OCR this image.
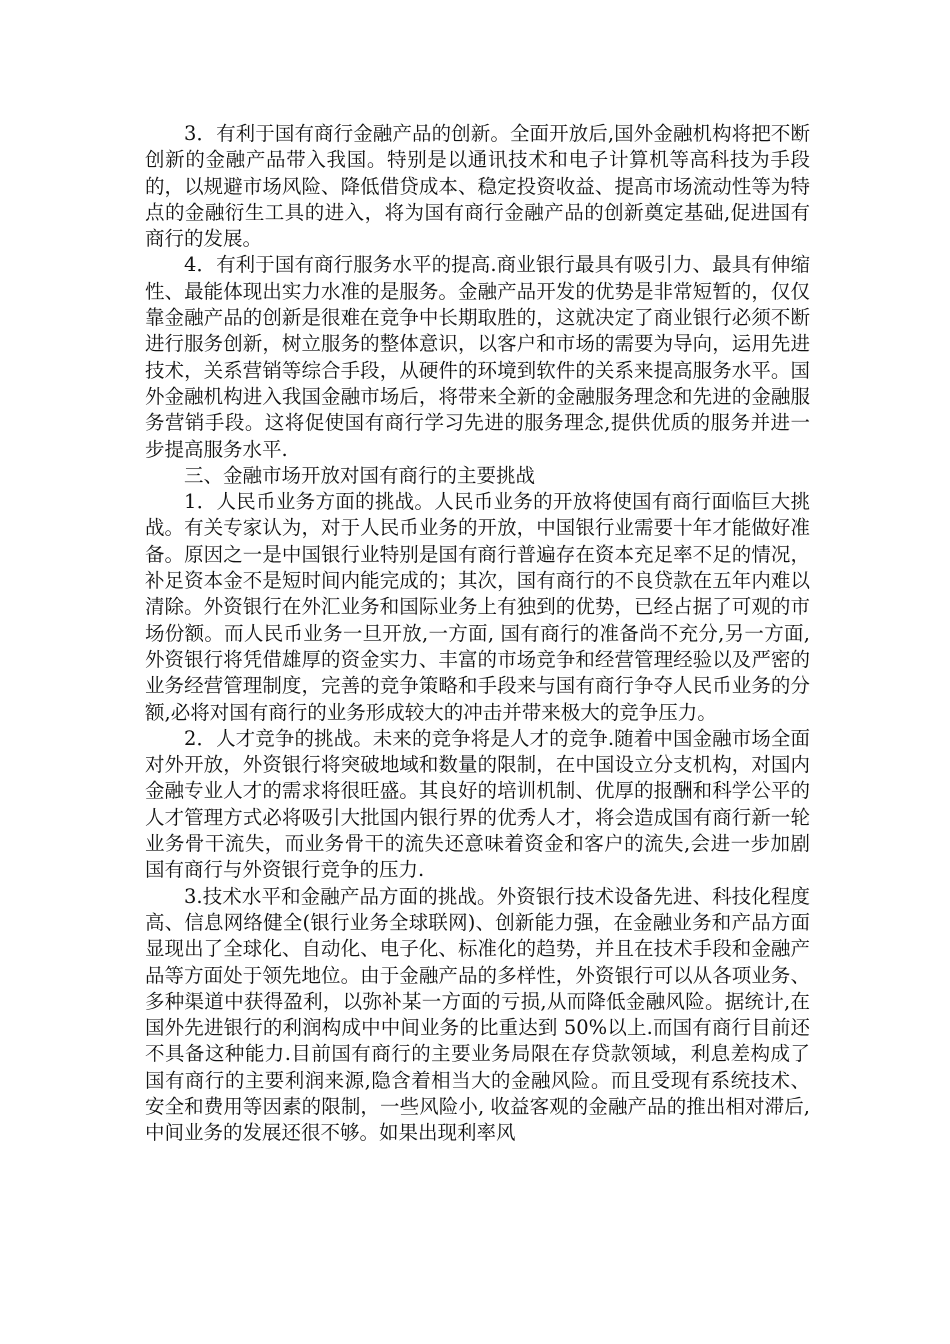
3．有利于国有商行金融产品的创新。全面开放后,国外金融机构将把不断创新的金融产品带入我国。特别是以通讯技术和电子计算机等高科技为手段的，以规避市场风险、降低借贷成本、稳定投资收益、提高市场流动性等为特点的金融衍生工具的进入，将为国有商行金融产品的创新奠定基础,促进国有商行的发展。

4．有利于国有商行服务水平的提高.商业银行最具有吸引力、最具有伸缩性、最能体现出实力水准的是服务。金融产品开发的优势是非常短暂的，仅仅靠金融产品的创新是很难在竞争中长期取胜的，这就决定了商业银行必须不断进行服务创新，树立服务的整体意识，以客户和市场的需要为导向，运用先进技术，关系营销等综合手段，从硬件的环境到软件的关系来提高服务水平。国外金融机构进入我国金融市场后，将带来全新的金融服务理念和先进的金融服务营销手段。这将促使国有商行学习先进的服务理念,提供优质的服务并进一步提高服务水平.

三、金融市场开放对国有商行的主要挑战

1．人民币业务方面的挑战。人民币业务的开放将使国有商行面临巨大挑战。有关专家认为，对于人民币业务的开放，中国银行业需要十年才能做好准备。原因之一是中国银行业特别是国有商行普遍存在资本充足率不足的情况，补足资本金不是短时间内能完成的；其次，国有商行的不良贷款在五年内难以清除。外资银行在外汇业务和国际业务上有独到的优势，已经占据了可观的市场份额。而人民币业务一旦开放,一方面, 国有商行的准备尚不充分,另一方面,外资银行将凭借雄厚的资金实力、丰富的市场竞争和经营管理经验以及严密的业务经营管理制度，完善的竞争策略和手段来与国有商行争夺人民币业务的分额,必将对国有商行的业务形成较大的冲击并带来极大的竞争压力。

2．人才竞争的挑战。未来的竞争将是人才的竞争.随着中国金融市场全面对外开放，外资银行将突破地域和数量的限制，在中国设立分支机构，对国内金融专业人才的需求将很旺盛。其良好的培训机制、优厚的报酬和科学公平的人才管理方式必将吸引大批国内银行界的优秀人才，将会造成国有商行新一轮业务骨干流失，而业务骨干的流失还意味着资金和客户的流失,会进一步加剧国有商行与外资银行竞争的压力.

3.技术水平和金融产品方面的挑战。外资银行技术设备先进、科技化程度高、信息网络健全(银行业务全球联网)、创新能力强，在金融业务和产品方面显现出了全球化、自动化、电子化、标准化的趋势，并且在技术手段和金融产品等方面处于领先地位。由于金融产品的多样性，外资银行可以从各项业务、多种渠道中获得盈利，以弥补某一方面的亏损,从而降低金融风险。据统计,在国外先进银行的利润构成中中间业务的比重达到 50%以上.而国有商行目前还不具备这种能力.目前国有商行的主要业务局限在存贷款领域，利息差构成了国有商行的主要利润来源,隐含着相当大的金融风险。而且受现有系统技术、安全和费用等因素的限制，一些风险小, 收益客观的金融产品的推出相对滞后, 中间业务的发展还很不够。如果出现利率风
